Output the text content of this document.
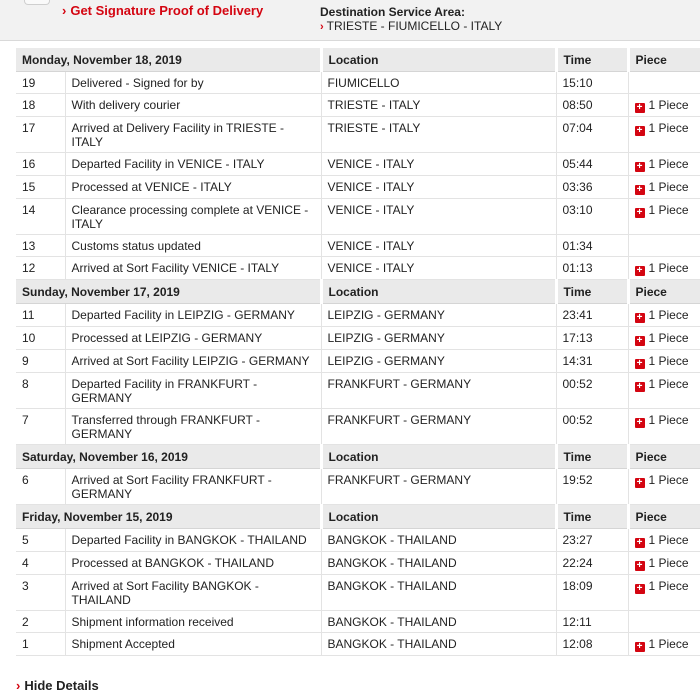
› Get Signature Proof of Delivery	Destination Service Area:
› TRIESTE - FIUMICELLO - ITALY
Monday, November 18, 2019		Location	Time	Piece
19	Delivered - Signed for by	FIUMICELLO	15:10	
18	With delivery courier	TRIESTE - ITALY	08:50	+ 1 Piece
17	Arrived at Delivery Facility in TRIESTE - ITALY	TRIESTE - ITALY	07:04	+ 1 Piece
16	Departed Facility in VENICE - ITALY	VENICE - ITALY	05:44	+ 1 Piece
15	Processed at VENICE - ITALY	VENICE - ITALY	03:36	+ 1 Piece
14	Clearance processing complete at VENICE - ITALY	VENICE - ITALY	03:10	+ 1 Piece
13	Customs status updated	VENICE - ITALY	01:34	
12	Arrived at Sort Facility VENICE - ITALY	VENICE - ITALY	01:13	+ 1 Piece
Sunday, November 17, 2019		Location	Time	Piece
11	Departed Facility in LEIPZIG - GERMANY	LEIPZIG - GERMANY	23:41	+ 1 Piece
10	Processed at LEIPZIG - GERMANY	LEIPZIG - GERMANY	17:13	+ 1 Piece
9	Arrived at Sort Facility LEIPZIG - GERMANY	LEIPZIG - GERMANY	14:31	+ 1 Piece
8	Departed Facility in FRANKFURT - GERMANY	FRANKFURT - GERMANY	00:52	+ 1 Piece
7	Transferred through FRANKFURT - GERMANY	FRANKFURT - GERMANY	00:52	+ 1 Piece
Saturday, November 16, 2019		Location	Time	Piece
6	Arrived at Sort Facility FRANKFURT - GERMANY	FRANKFURT - GERMANY	19:52	+ 1 Piece
Friday, November 15, 2019		Location	Time	Piece
5	Departed Facility in BANGKOK - THAILAND	BANGKOK - THAILAND	23:27	+ 1 Piece
4	Processed at BANGKOK - THAILAND	BANGKOK - THAILAND	22:24	+ 1 Piece
3	Arrived at Sort Facility BANGKOK - THAILAND	BANGKOK - THAILAND	18:09	+ 1 Piece
2	Shipment information received	BANGKOK - THAILAND	12:11	
1	Shipment Accepted	BANGKOK - THAILAND	12:08	+ 1 Piece
› Hide Details
